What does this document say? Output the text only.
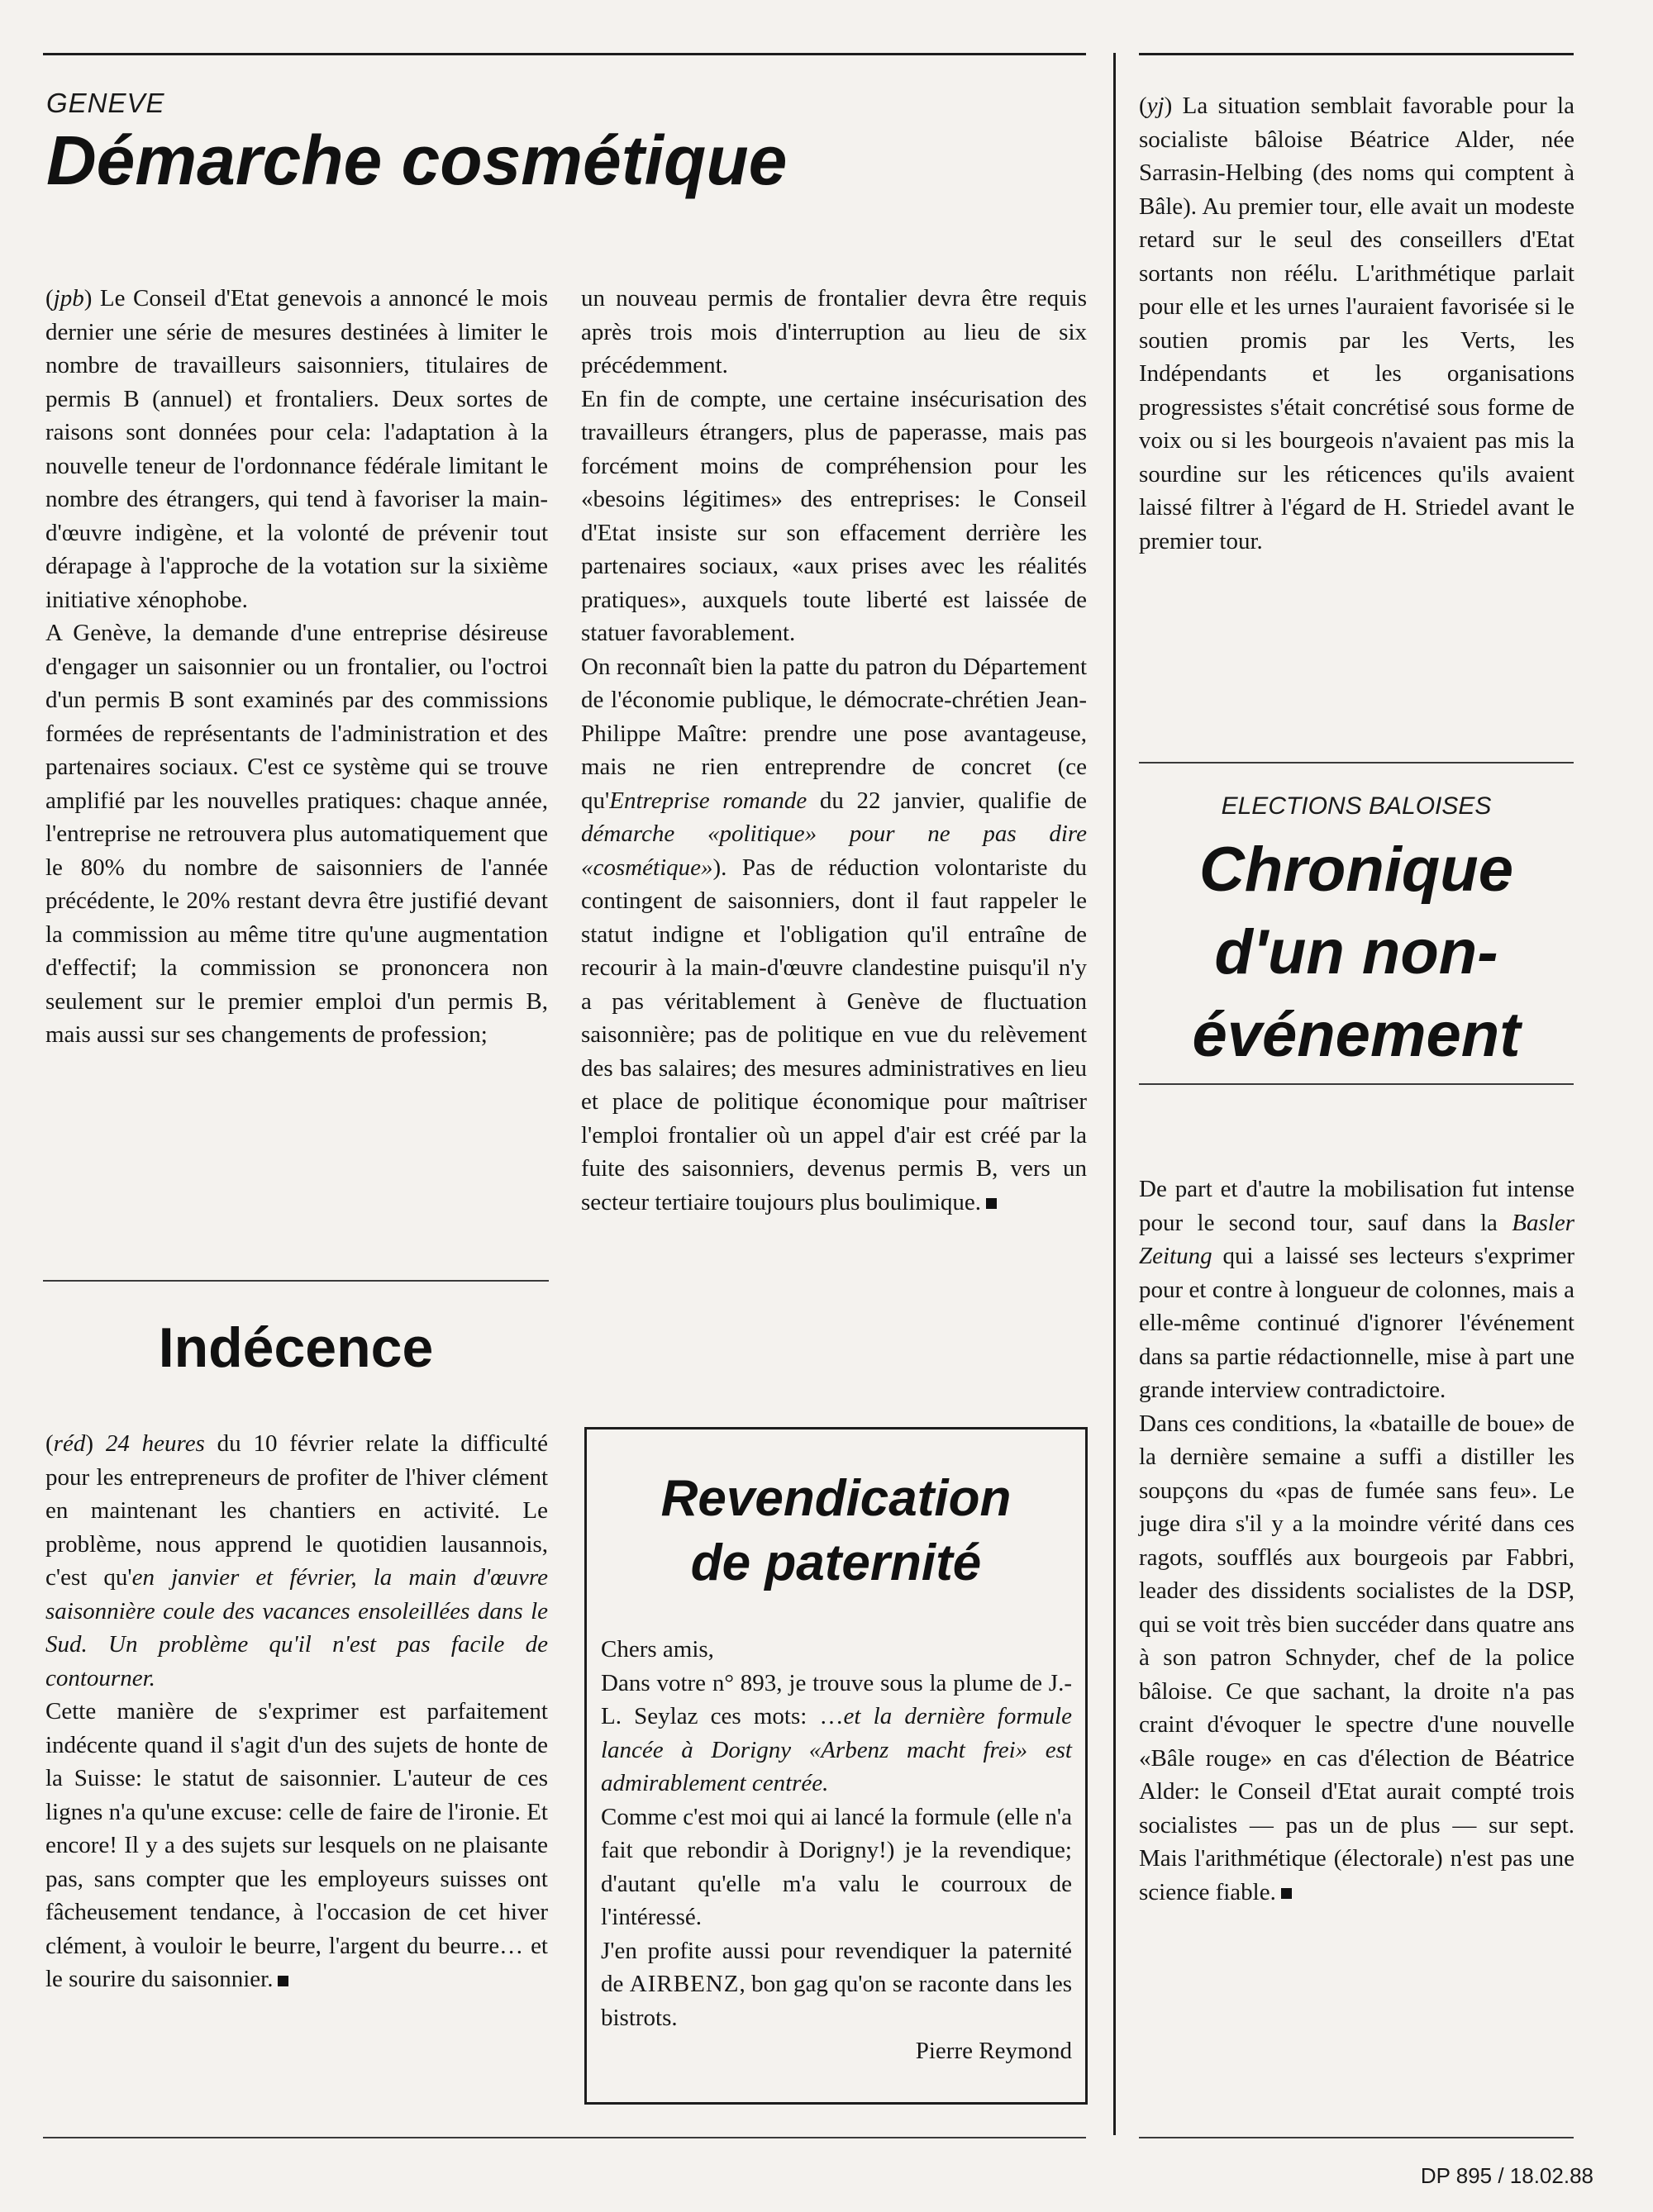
GENEVE
Démarche cosmétique

(jpb) Le Conseil d'Etat genevois a annoncé le mois dernier une série de mesures destinées à limiter le nombre de travailleurs saisonniers, titulaires de permis B (annuel) et frontaliers. Deux sortes de raisons sont données pour cela: l'adaptation à la nouvelle teneur de l'ordonnance fédérale limitant le nombre des étrangers, qui tend à favoriser la main-d'œuvre indigène, et la volonté de prévenir tout dérapage à l'approche de la votation sur la sixième initiative xénophobe.

A Genève, la demande d'une entreprise désireuse d'engager un saisonnier ou un frontalier, ou l'octroi d'un permis B sont examinés par des commissions formées de représentants de l'administration et des partenaires sociaux. C'est ce système qui se trouve amplifié par les nouvelles pratiques: chaque année, l'entreprise ne retrouvera plus automatiquement que le 80% du nombre de saisonniers de l'année précédente, le 20% restant devra être justifié devant la commission au même titre qu'une augmentation d'effectif; la commission se prononcera non seulement sur le premier emploi d'un permis B, mais aussi sur ses changements de profession;

un nouveau permis de frontalier devra être requis après trois mois d'interruption au lieu de six précédemment.

En fin de compte, une certaine insécurisation des travailleurs étrangers, plus de paperasse, mais pas forcément moins de compréhension pour les «besoins légitimes» des entreprises: le Conseil d'Etat insiste sur son effacement derrière les partenaires sociaux, «aux prises avec les réalités pratiques», auxquels toute liberté est laissée de statuer favorablement.

On reconnaît bien la patte du patron du Département de l'économie publique, le démocrate-chrétien Jean-Philippe Maître: prendre une pose avantageuse, mais ne rien entreprendre de concret (ce qu'Entreprise romande du 22 janvier, qualifie de démarche «politique» pour ne pas dire «cosmétique»). Pas de réduction volontariste du contingent de saisonniers, dont il faut rappeler le statut indigne et l'obligation qu'il entraîne de recourir à la main-d'œuvre clandestine puisqu'il n'y a pas véritablement à Genève de fluctuation saisonnière; pas de politique en vue du relèvement des bas salaires; des mesures administratives en lieu et place de politique économique pour maîtriser l'emploi frontalier où un appel d'air est créé par la fuite des saisonniers, devenus permis B, vers un secteur tertiaire toujours plus boulimique.

Indécence

(réd) 24 heures du 10 février relate la difficulté pour les entrepreneurs de profiter de l'hiver clément en maintenant les chantiers en activité. Le problème, nous apprend le quotidien lausannois, c'est qu'en janvier et février, la main d'œuvre saisonnière coule des vacances ensoleillées dans le Sud. Un problème qu'il n'est pas facile de contourner.

Cette manière de s'exprimer est parfaitement indécente quand il s'agit d'un des sujets de honte de la Suisse: le statut de saisonnier. L'auteur de ces lignes n'a qu'une excuse: celle de faire de l'ironie. Et encore! Il y a des sujets sur lesquels on ne plaisante pas, sans compter que les employeurs suisses ont fâcheusement tendance, à l'occasion de cet hiver clément, à vouloir le beurre, l'argent du beurre… et le sourire du saisonnier.

Revendication
de paternité

Chers amis,

Dans votre n° 893, je trouve sous la plume de J.-L. Seylaz ces mots: …et la dernière formule lancée à Dorigny «Arbenz macht frei» est admirablement centrée.

Comme c'est moi qui ai lancé la formule (elle n'a fait que rebondir à Dorigny!) je la revendique; d'autant qu'elle m'a valu le courroux de l'intéressé.

J'en profite aussi pour revendiquer la paternité de AIRBENZ, bon gag qu'on se raconte dans les bistrots.

Pierre Reymond

(yj) La situation semblait favorable pour la socialiste bâloise Béatrice Alder, née Sarrasin-Helbing (des noms qui comptent à Bâle). Au premier tour, elle avait un modeste retard sur le seul des conseillers d'Etat sortants non réélu. L'arithmétique parlait pour elle et les urnes l'auraient favorisée si le soutien promis par les Verts, les Indépendants et les organisations progressistes s'était concrétisé sous forme de voix ou si les bourgeois n'avaient pas mis la sourdine sur les réticences qu'ils avaient laissé filtrer à l'égard de H. Striedel avant le premier tour.

ELECTIONS BALOISES
Chronique
d'un non-
événement

De part et d'autre la mobilisation fut intense pour le second tour, sauf dans la Basler Zeitung qui a laissé ses lecteurs s'exprimer pour et contre à longueur de colonnes, mais a elle-même continué d'ignorer l'événement dans sa partie rédactionnelle, mise à part une grande interview contradictoire.

Dans ces conditions, la «bataille de boue» de la dernière semaine a suffi a distiller les soupçons du «pas de fumée sans feu». Le juge dira s'il y a la moindre vérité dans ces ragots, soufflés aux bourgeois par Fabbri, leader des dissidents socialistes de la DSP, qui se voit très bien succéder dans quatre ans à son patron Schnyder, chef de la police bâloise. Ce que sachant, la droite n'a pas craint d'évoquer le spectre d'une nouvelle «Bâle rouge» en cas d'élection de Béatrice Alder: le Conseil d'Etat aurait compté trois socialistes — pas un de plus — sur sept. Mais l'arithmétique (électorale) n'est pas une science fiable.

DP 895 / 18.02.88
